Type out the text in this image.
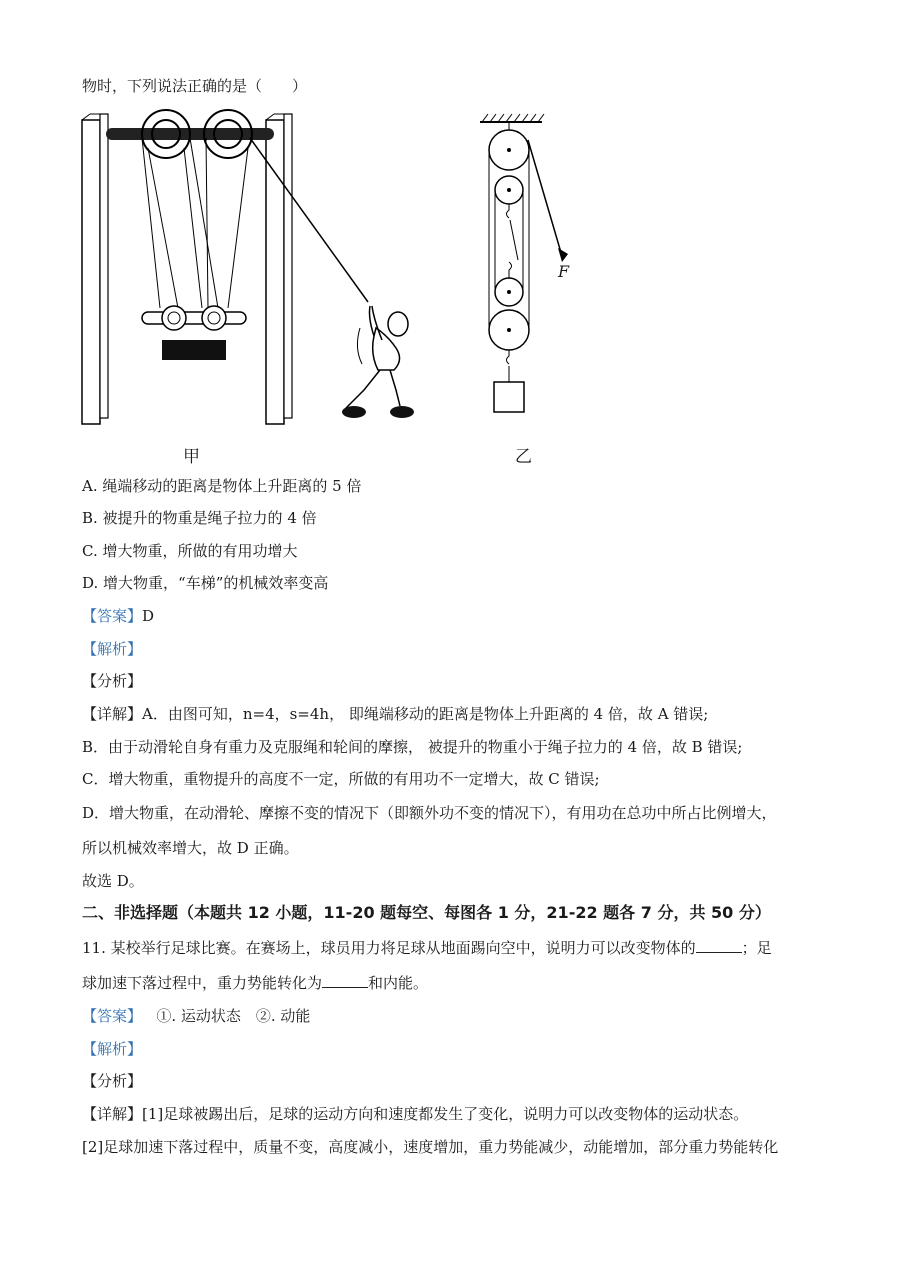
物时，下列说法正确的是（　　）
F
甲	乙
A. 绳端移动的距离是物体上升距离的 5 倍
B. 被提升的物重是绳子拉力的 4 倍
C. 增大物重，所做的有用功增大
D. 增大物重，“车梯”的机械效率变高
【答案】D
【解析】
【分析】
【详解】A．由图可知，n=4，s=4h， 即绳端移动的距离是物体上升距离的 4 倍，故 A 错误;
B．由于动滑轮自身有重力及克服绳和轮间的摩擦， 被提升的物重小于绳子拉力的 4 倍，故 B 错误;
C．增大物重，重物提升的高度不一定，所做的有用功不一定增大，故 C 错误;
D．增大物重，在动滑轮、摩擦不变的情况下（即额外功不变的情况下），有用功在总功中所占比例增大，
所以机械效率增大，故 D 正确。
故选 D。
二、非选择题（本题共 12 小题，11-20 题每空、每图各 1 分，21-22 题各 7 分，共 50 分）
11. 某校举行足球比赛。在赛场上，球员用力将足球从地面踢向空中，说明力可以改变物体的	；足
球加速下落过程中，重力势能转化为	和内能。
【答案】 ①. 运动状态　②. 动能
【解析】
【分析】
【详解】[1]足球被踢出后，足球的运动方向和速度都发生了变化，说明力可以改变物体的运动状态。
[2]足球加速下落过程中，质量不变，高度减小，速度增加，重力势能减少，动能增加，部分重力势能转化
